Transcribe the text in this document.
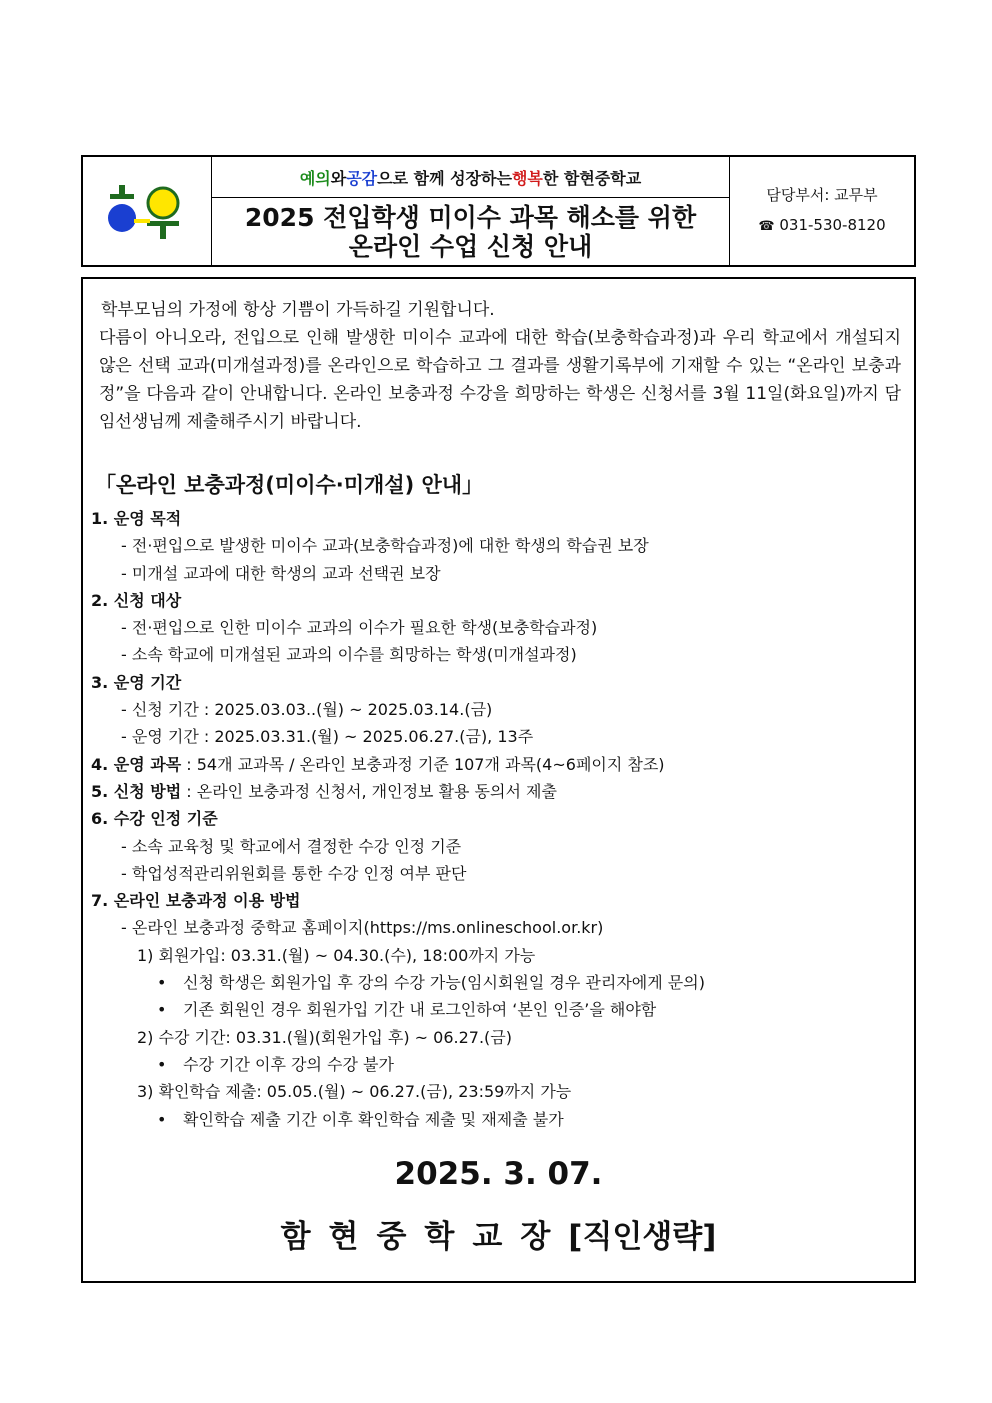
예의 와 공감 으로 함께 성장하는 행복 한 함현중학교
2025 전입학생 미이수 과목 해소를 위한
온라인 수업 신청 안내
담당부서: 교무부
☎ 031-530-8120

학부모님의 가정에 항상 기쁨이 가득하길 기원합니다.

다름이 아니오라, 전입으로 인해 발생한 미이수 교과에 대한 학습(보충학습과정)과 우리 학교에서 개설되지 않은 선택 교과(미개설과정)를 온라인으로 학습하고 그 결과를 생활기록부에 기재할 수 있는 “온라인 보충과정”을 다음과 같이 안내합니다. 온라인 보충과정 수강을 희망하는 학생은 신청서를 3월 11일(화요일)까지 담임선생님께 제출해주시기 바랍니다.

「온라인 보충과정(미이수·미개설) 안내」
1. 운영 목적
- 전·편입으로 발생한 미이수 교과(보충학습과정)에 대한 학생의 학습권 보장
- 미개설 교과에 대한 학생의 교과 선택권 보장
2. 신청 대상
- 전·편입으로 인한 미이수 교과의 이수가 필요한 학생(보충학습과정)
- 소속 학교에 미개설된 교과의 이수를 희망하는 학생(미개설과정)
3. 운영 기간
- 신청 기간 : 2025.03.03..(월) ~ 2025.03.14.(금)
- 운영 기간 : 2025.03.31.(월) ~ 2025.06.27.(금), 13주
4. 운영 과목 : 54개 교과목 / 온라인 보충과정 기준 107개 과목(4~6페이지 참조)
5. 신청 방법 : 온라인 보충과정 신청서, 개인정보 활용 동의서 제출
6. 수강 인정 기준
- 소속 교육청 및 학교에서 결정한 수강 인정 기준
- 학업성적관리위원회를 통한 수강 인정 여부 판단
7. 온라인 보충과정 이용 방법
- 온라인 보충과정 중학교 홈페이지(https://ms.onlineschool.or.kr)
1) 회원가입: 03.31.(월) ~ 04.30.(수), 18:00까지 가능
• 신청 학생은 회원가입 후 강의 수강 가능(임시회원일 경우 관리자에게 문의)
• 기존 회원인 경우 회원가입 기간 내 로그인하여 ‘본인 인증’을 해야함
2) 수강 기간: 03.31.(월)(회원가입 후) ~ 06.27.(금)
• 수강 기간 이후 강의 수강 불가
3) 확인학습 제출: 05.05.(월) ~ 06.27.(금), 23:59까지 가능
• 확인학습 제출 기간 이후 확인학습 제출 및 재제출 불가
2025. 3. 07.
함현중학교장[직인생략]
